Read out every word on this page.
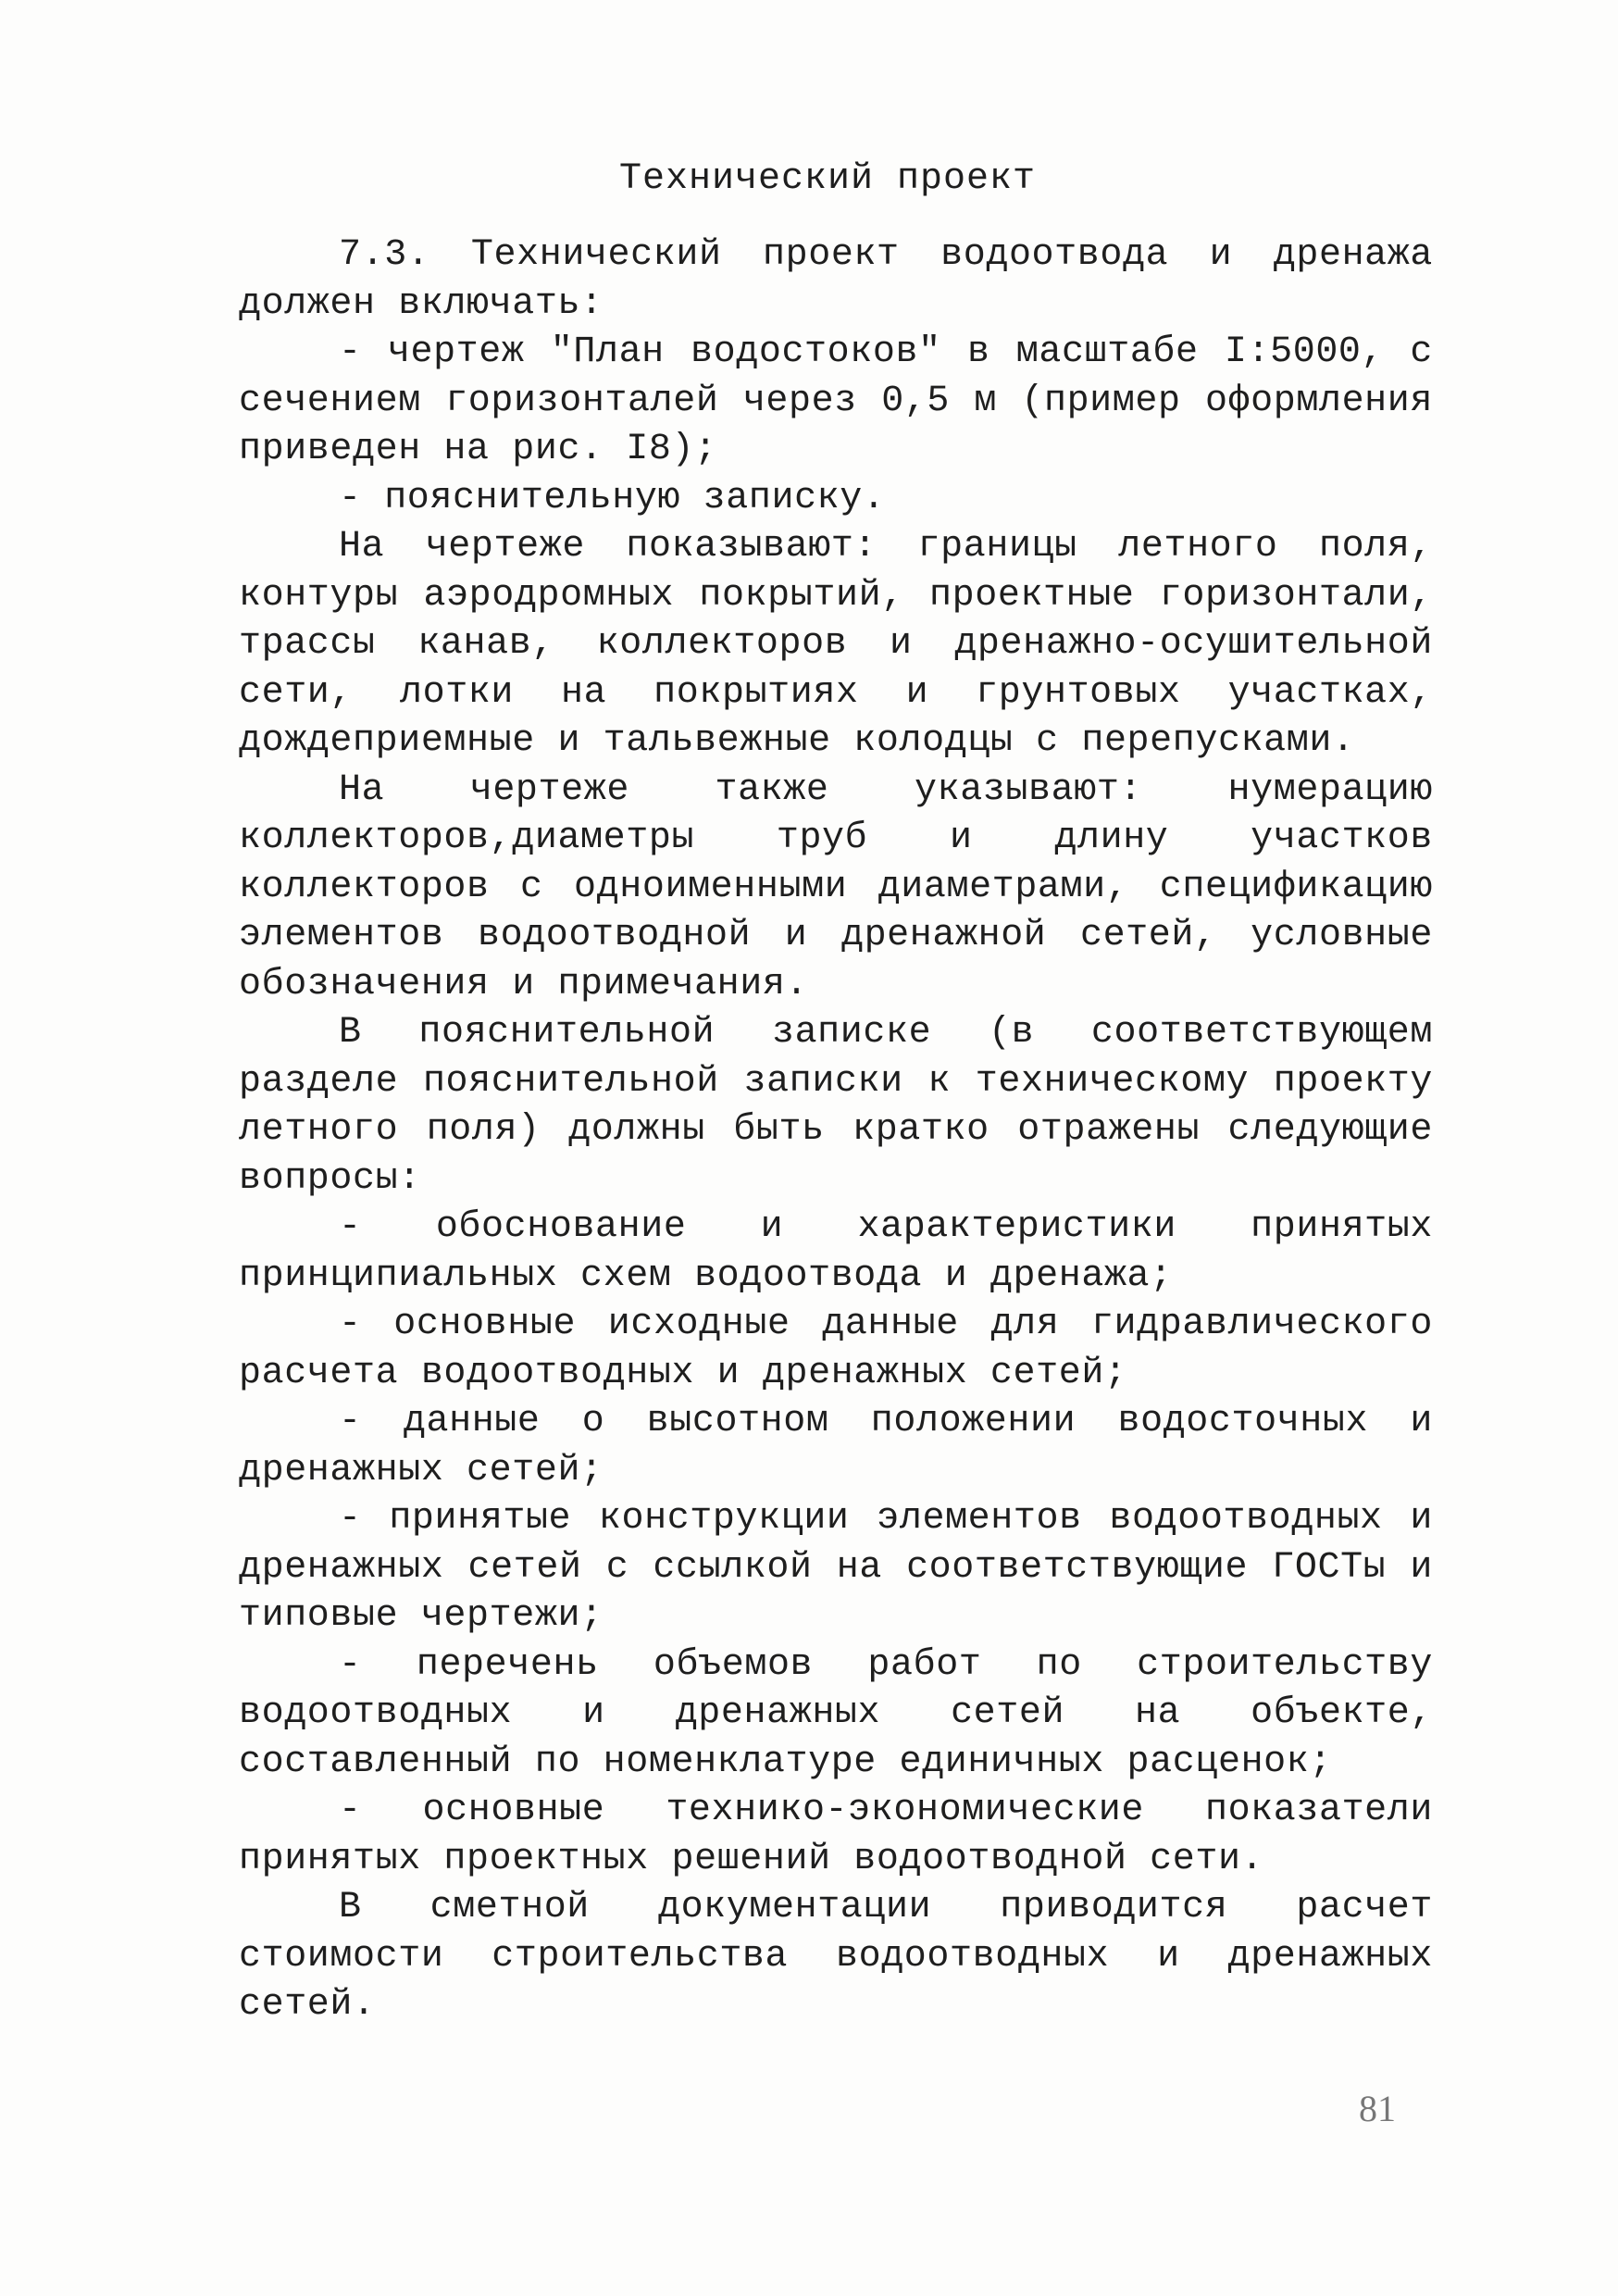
Технический проект

7.3. Технический проект водоотвода и дренажа должен включать:

- чертеж "План водостоков" в масштабе I:5000, с сечением горизонталей через 0,5 м (пример оформления приведен на рис. I8);

- пояснительную записку.

На чертеже показывают: границы летного поля, контуры аэродромных покрытий, проектные горизонтали, трассы канав, коллекторов и дренажно-осушительной сети, лотки на покрытиях и грунтовых участках, дождеприемные и тальвежные колодцы с перепусками.

На чертеже также указывают: нумерацию коллекторов,диаметры труб и длину участков коллекторов с одноименными диаметрами, спецификацию элементов водоотводной и дренажной сетей, условные обозначения и примечания.

В пояснительной записке (в соответствующем разделе пояснительной записки к техническому проекту летного поля) должны быть кратко отражены следующие вопросы:

- обоснование и характеристики принятых принципиальных схем водоотвода и дренажа;

- основные исходные данные для гидравлического расчета водоотводных и дренажных сетей;

- данные о высотном положении водосточных и дренажных сетей;

- принятые конструкции элементов водоотводных и дренажных сетей с ссылкой на соответствующие ГОСТы и типовые чертежи;

- перечень объемов работ по строительству водоотводных и дренажных сетей на объекте, составленный по номенклатуре единичных расценок;

- основные технико-экономические показатели принятых проектных решений водоотводной сети.

В сметной документации приводится расчет стоимости строительства водоотводных и дренажных сетей.

81
